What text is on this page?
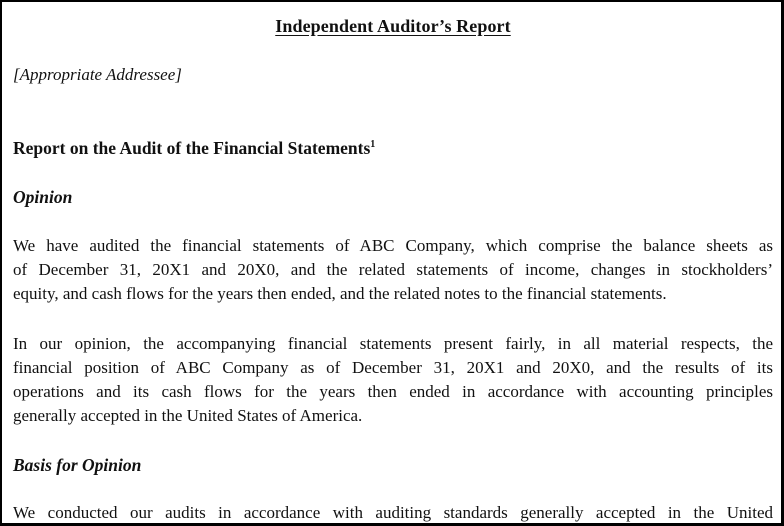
Independent Auditor’s Report
[Appropriate Addressee]
Report on the Audit of the Financial Statements$^1$
Opinion
We have audited the financial statements of ABC Company, which comprise the balance sheets as
of December 31, 20X1 and 20X0, and the related statements of income, changes in stockholders’
equity, and cash flows for the years then ended, and the related notes to the financial statements.
In our opinion, the accompanying financial statements present fairly, in all material respects, the
financial position of ABC Company as of December 31, 20X1 and 20X0, and the results of its
operations and its cash flows for the years then ended in accordance with accounting principles
generally accepted in the United States of America.
Basis for Opinion
We conducted our audits in accordance with auditing standards generally accepted in the United
